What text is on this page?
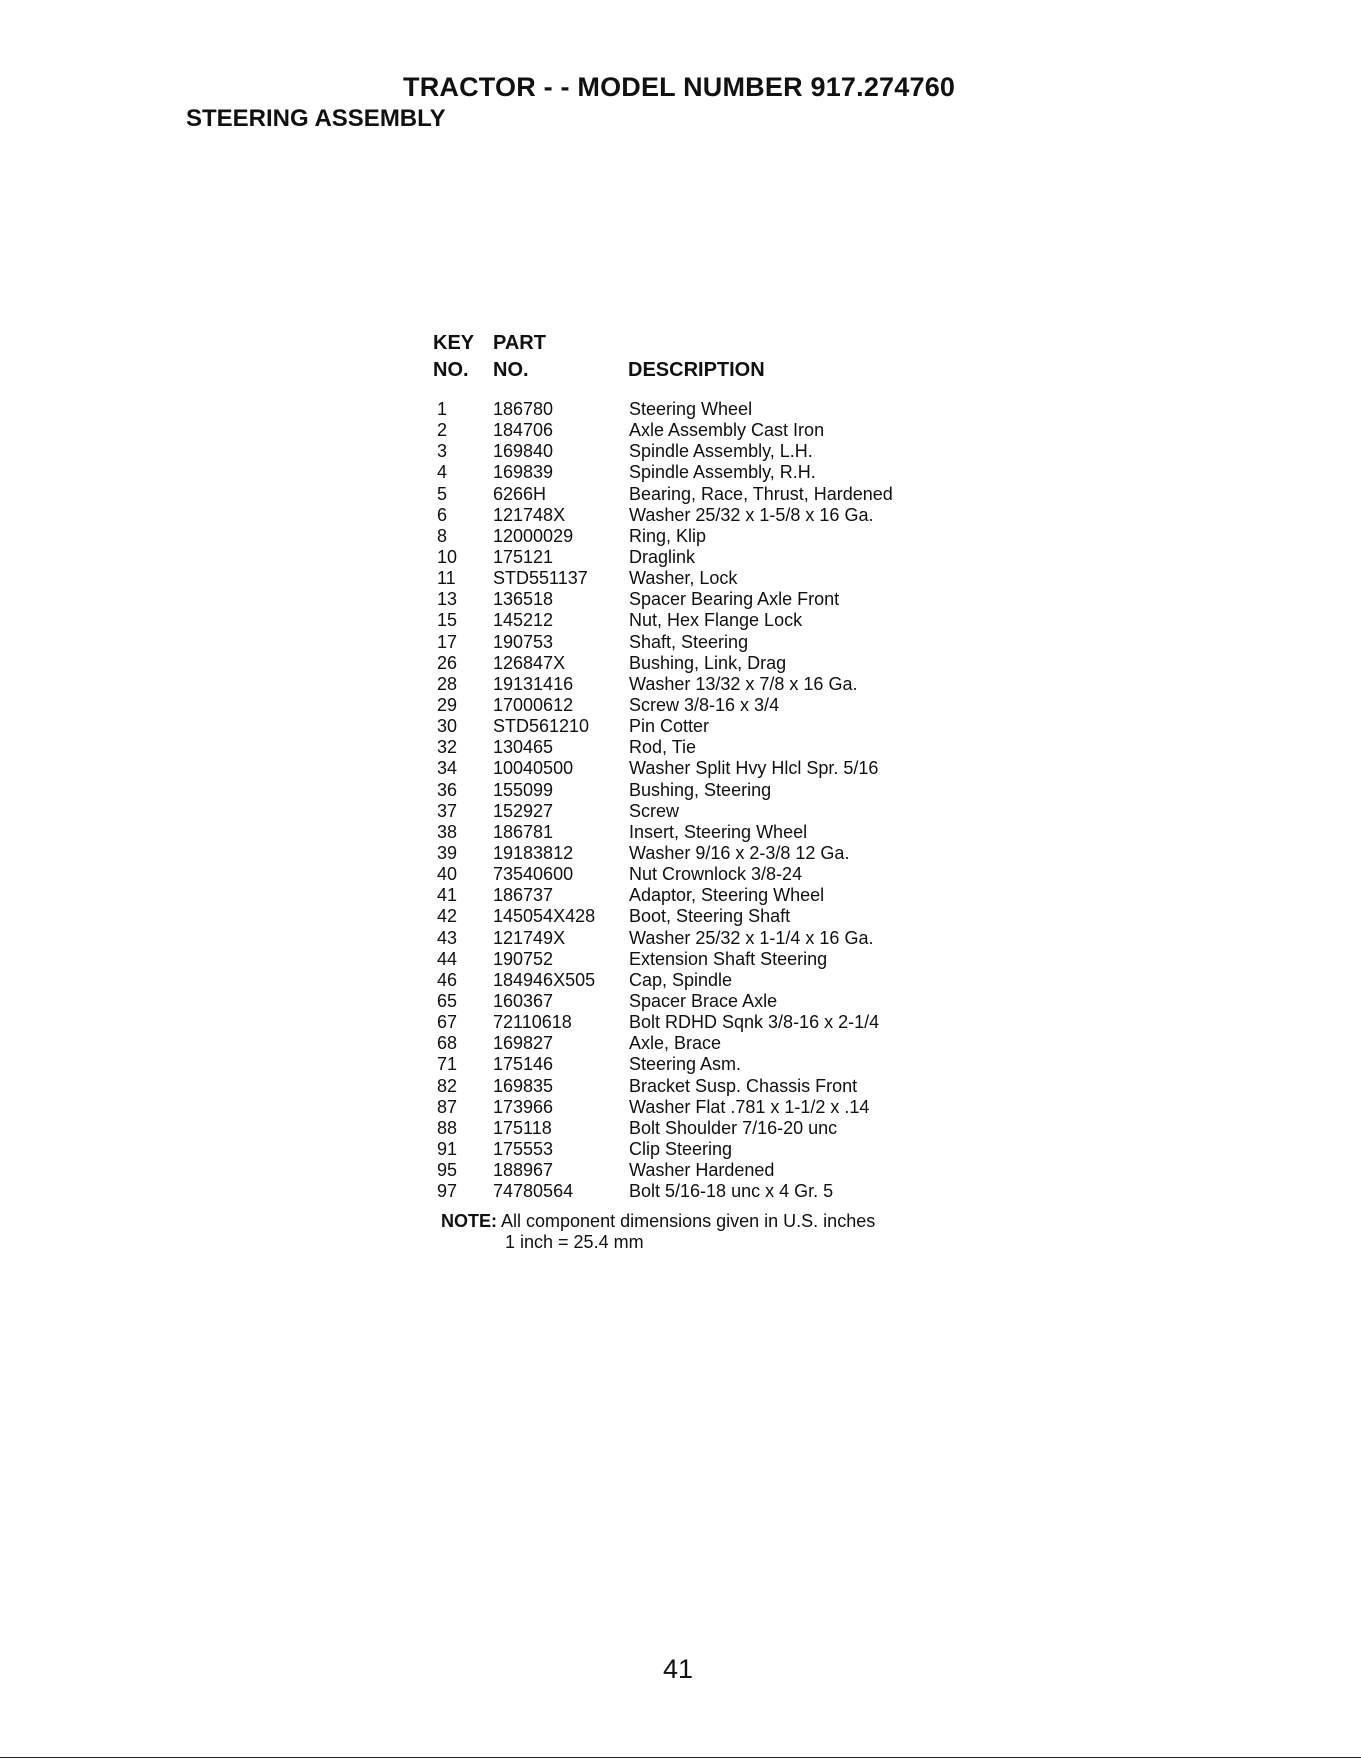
TRACTOR - - MODEL NUMBER 917.274760
STEERING ASSEMBLY
KEY
NO.
PART
NO.	DESCRIPTION
1	186780	Steering Wheel
2	184706	Axle Assembly Cast Iron
3	169840	Spindle Assembly, L.H.
4	169839	Spindle Assembly, R.H.
5	6266H	Bearing, Race, Thrust, Hardened
6	121748X	Washer 25/32 x 1-5/8 x 16 Ga.
8	12000029	Ring, Klip
10 175121	Draglink
11 STD551137 Washer, Lock
13 136518	Spacer Bearing Axle Front
15 145212	Nut, Hex Flange Lock
17 190753	Shaft, Steering
26 126847X	Bushing, Link, Drag
28 19131416	Washer 13/32 x 7/8 x 16 Ga.
29 17000612	Screw 3/8-16 x 3/4
30 STD561210 Pin Cotter
32 130465	Rod, Tie
34 10040500	Washer Split Hvy Hlcl Spr. 5/16
36 155099	Bushing, Steering
37 152927	Screw
38 186781	Insert, Steering Wheel
39 19183812	Washer 9/16 x 2-3/8 12 Ga.
40 73540600	Nut Crownlock 3/8-24
41 186737	Adaptor, Steering Wheel
42 145054X428 Boot, Steering Shaft
43 121749X	Washer 25/32 x 1-1/4 x 16 Ga.
44 190752	Extension Shaft Steering
46 184946X505 Cap, Spindle
65 160367	Spacer Brace Axle
67 72110618	Bolt RDHD Sqnk 3/8-16 x 2-1/4
68 169827	Axle, Brace
71 175146	Steering Asm.
82 169835	Bracket Susp. Chassis Front
87 173966	Washer Flat .781 x 1-1/2 x .14
88 175118	Bolt Shoulder 7/16-20 unc
91 175553	Clip Steering
95 188967	Washer Hardened
97 74780564	Bolt 5/16-18 unc x 4 Gr. 5
NOTE: All component dimensions given in U.S. inches
1 inch = 25.4 mm
41
